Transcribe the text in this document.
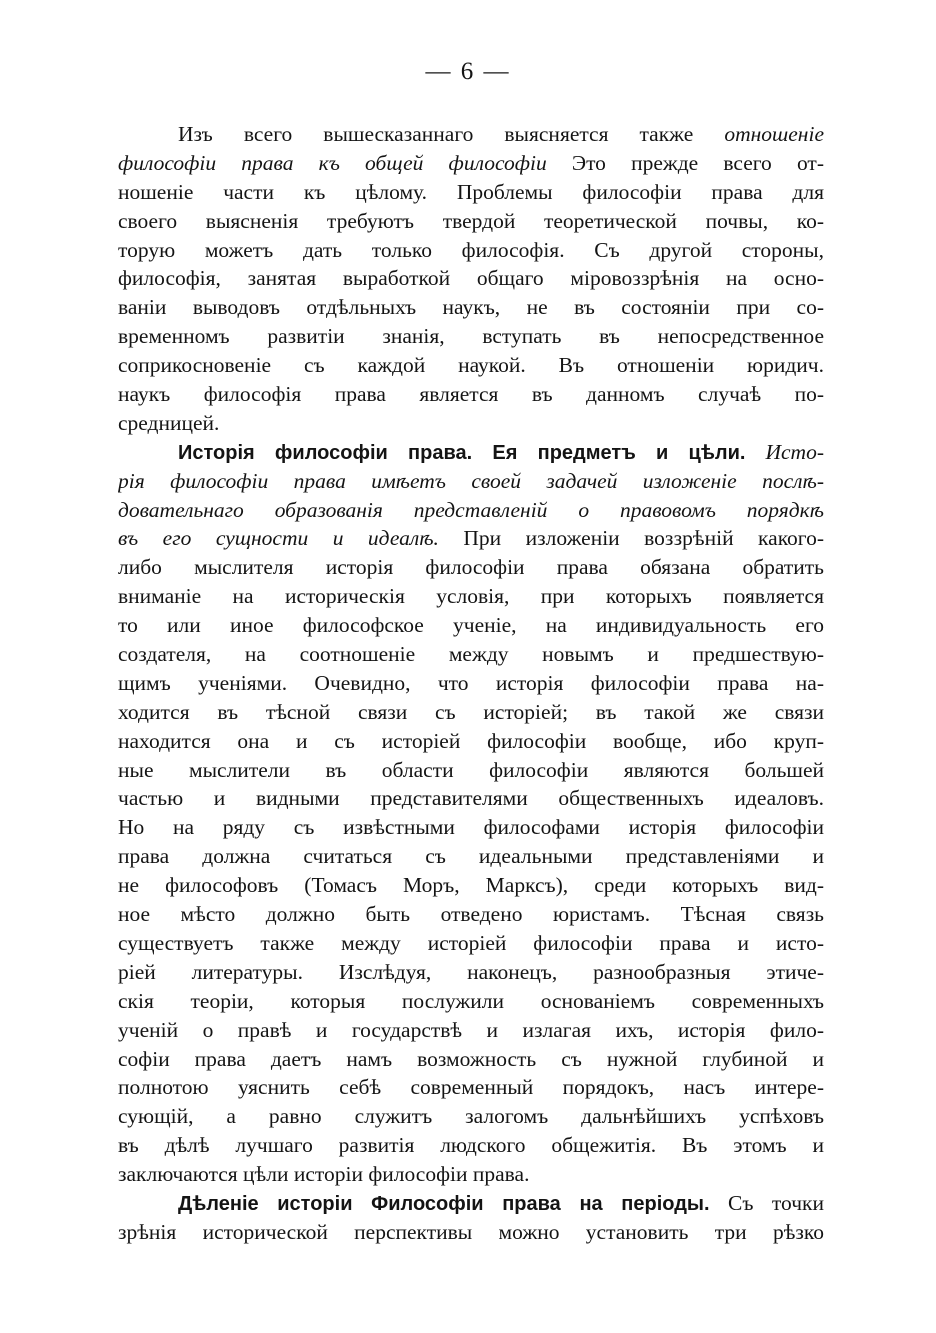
— 6 —
Изъ всего вышесказаннаго выясняется также отношеніе
философіи права къ общей философіи Это прежде всего от-
ношеніе части къ цѣлому. Проблемы философіи права для
своего выясненія требуютъ твердой теоретической почвы, ко-
торую можетъ дать только философія. Съ другой стороны,
философія, занятая выработкой общаго міровоззрѣнія на осно-
ваніи выводовъ отдѣльныхъ наукъ, не въ состояніи при со-
временномъ развитіи знанія, вступать въ непосредственное
соприкосновеніе съ каждой наукой. Въ отношеніи юридич.
наукъ философія права является въ данномъ случаѣ по-
средницей.
Исторія философіи права. Ея предметъ и цѣли. Исто-
рія философіи права имѣетъ своей задачей изложеніе послѣ-
довательнаго образованія представленій о правовомъ порядкѣ
въ его сущности и идеалѣ. При изложеніи воззрѣній какого-
либо мыслителя исторія философіи права обязана обратить
вниманіе на историческія условія, при которыхъ появляется
то или иное философское ученіе, на индивидуальность его
создателя, на соотношеніе между новымъ и предшествую-
щимъ ученіями. Очевидно, что исторія философіи права на-
ходится въ тѣсной связи съ исторіей; въ такой же связи
находится она и съ исторіей философіи вообще, ибо круп-
ные мыслители въ области философіи являются большей
частью и видными представителями общественныхъ идеаловъ.
Но на ряду съ извѣстными философами исторія философіи
права должна считаться съ идеальными представленіями и
не философовъ (Томасъ Моръ, Марксъ), среди которыхъ вид-
ное мѣсто должно быть отведено юристамъ. Тѣсная связь
существуетъ также между исторіей философіи права и исто-
ріей литературы. Изслѣдуя, наконецъ, разнообразныя этиче-
скія теоріи, которыя послужили основаніемъ современныхъ
ученій о правѣ и государствѣ и излагая ихъ, исторія фило-
софіи права даетъ намъ возможность съ нужной глубиной и
полнотою уяснить себѣ современный порядокъ, насъ интере-
сующій, а равно служитъ залогомъ дальнѣйшихъ успѣховъ
въ дѣлѣ лучшаго развитія людского общежитія. Въ этомъ и
заключаются цѣли исторіи философіи права.
Дѣленіе исторіи Философіи права на періоды. Съ точки
зрѣнія исторической перспективы можно установить три рѣзко
